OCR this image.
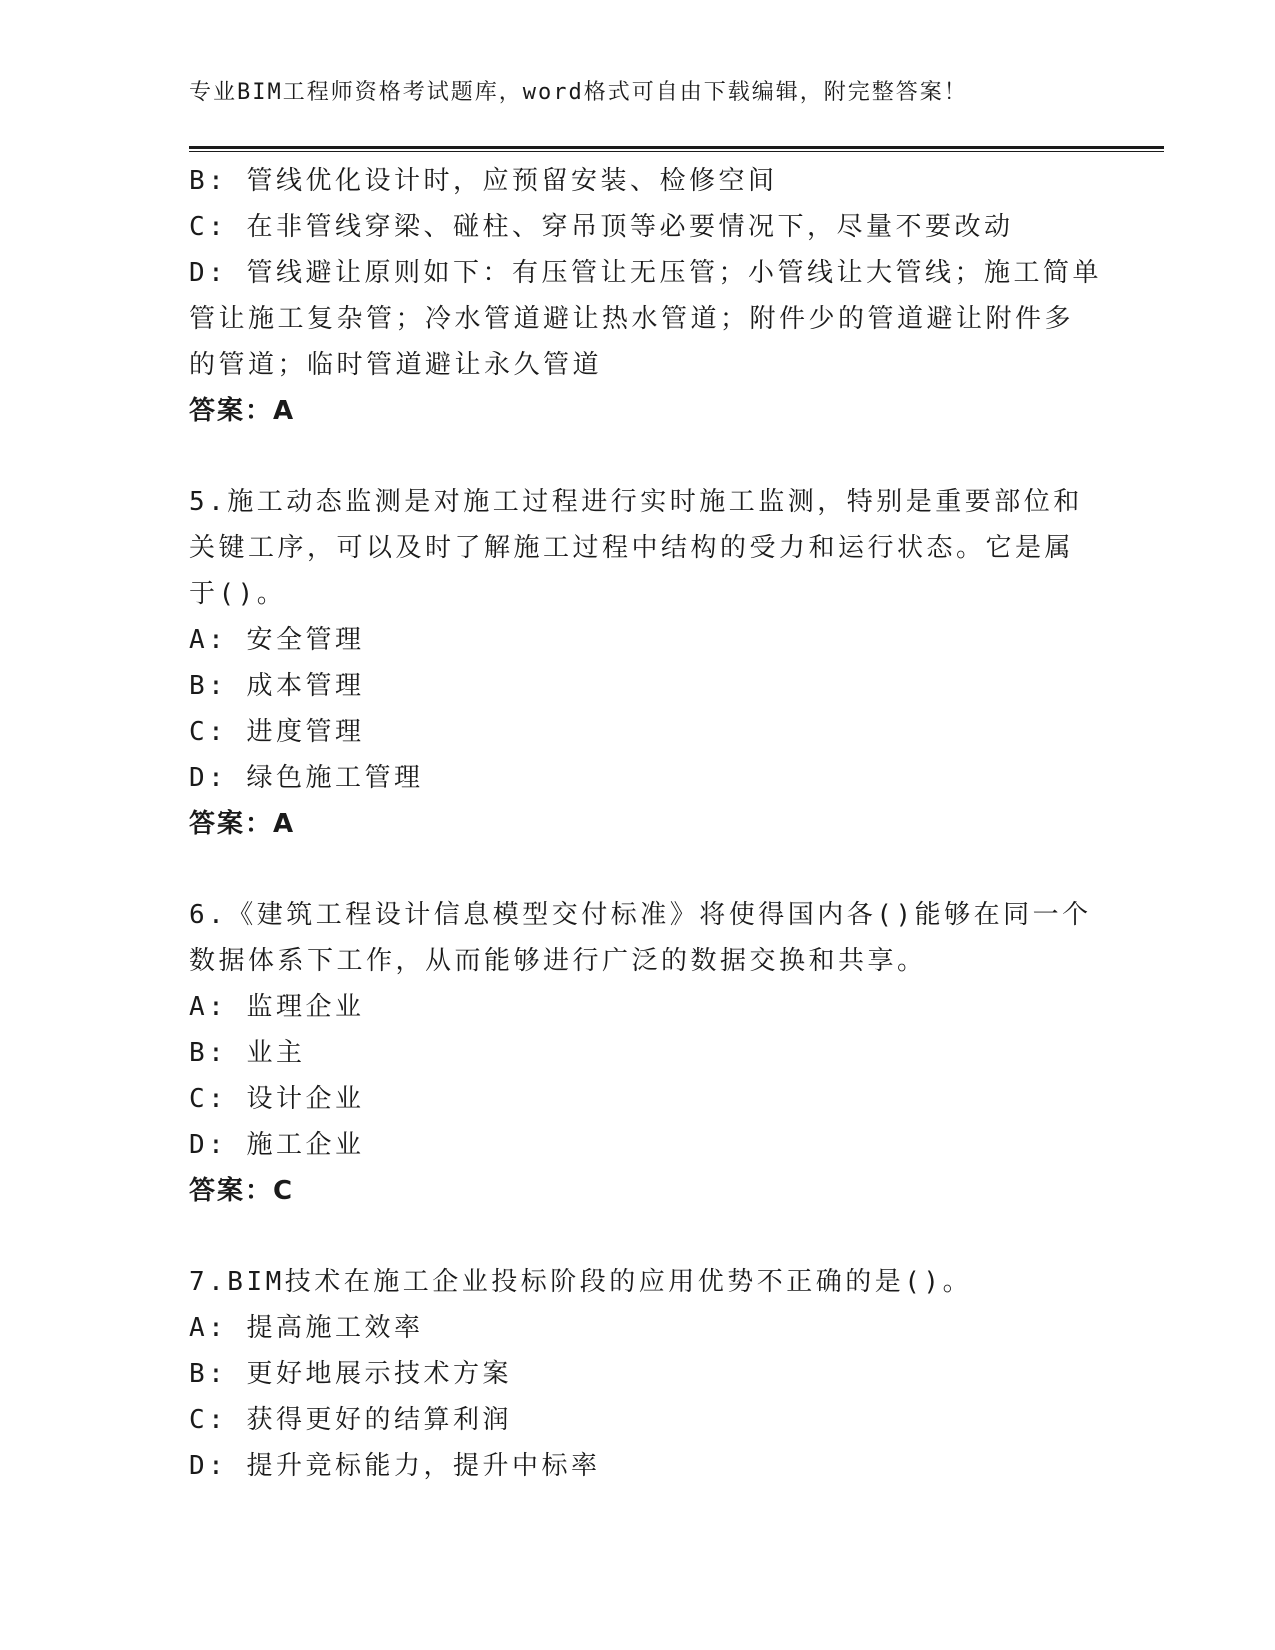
专业BIM工程师资格考试题库，word格式可自由下载编辑，附完整答案！
B: 管线优化设计时，应预留安装、检修空间
C: 在非管线穿梁、碰柱、穿吊顶等必要情况下，尽量不要改动
D: 管线避让原则如下：有压管让无压管；小管线让大管线；施工简单
管让施工复杂管；冷水管道避让热水管道；附件少的管道避让附件多
的管道；临时管道避让永久管道
答案：A
5.施工动态监测是对施工过程进行实时施工监测，特别是重要部位和
关键工序，可以及时了解施工过程中结构的受力和运行状态。它是属
于()。
A: 安全管理
B: 成本管理
C: 进度管理
D: 绿色施工管理
答案：A
6.《建筑工程设计信息模型交付标准》将使得国内各()能够在同一个
数据体系下工作，从而能够进行广泛的数据交换和共享。
A: 监理企业
B: 业主
C: 设计企业
D: 施工企业
答案：C
7.BIM技术在施工企业投标阶段的应用优势不正确的是()。
A: 提高施工效率
B: 更好地展示技术方案
C: 获得更好的结算利润
D: 提升竞标能力，提升中标率
